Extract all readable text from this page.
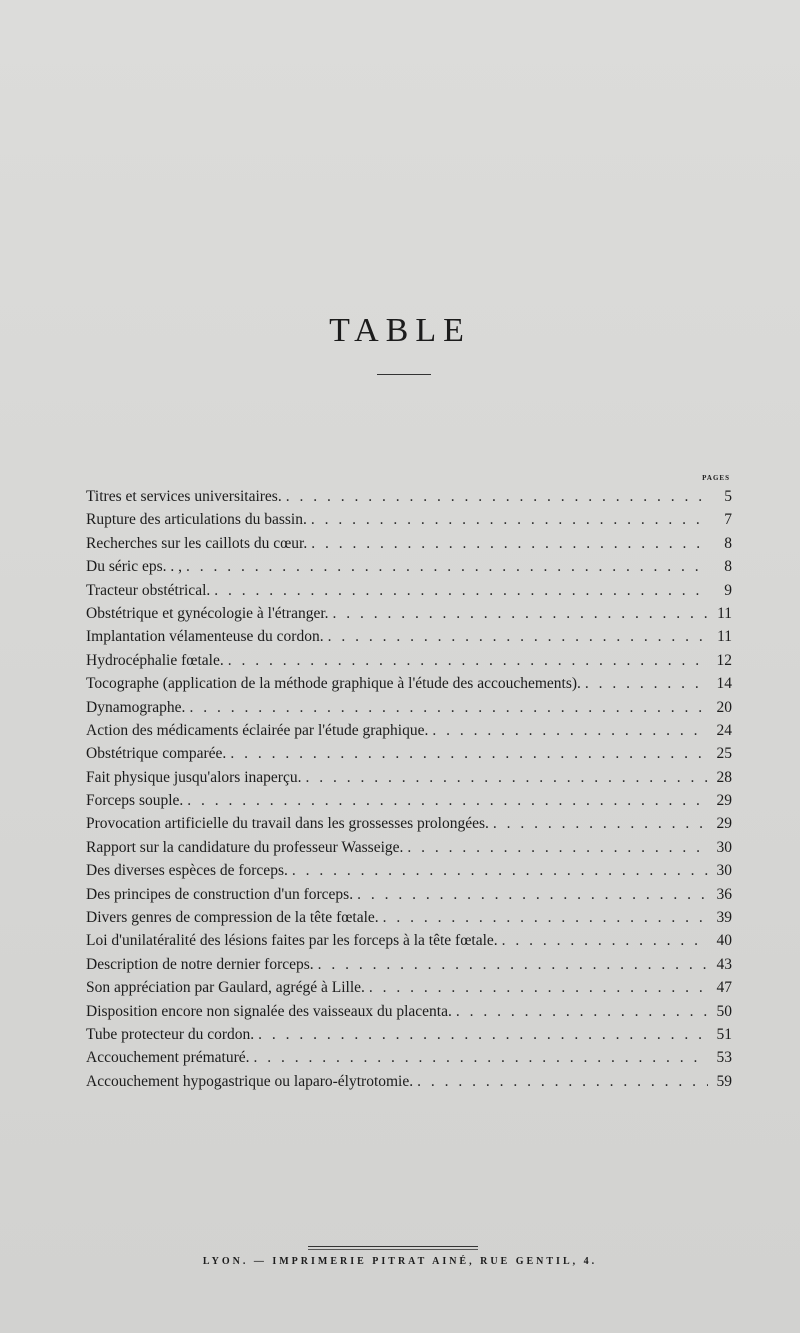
TABLE
PAGES
Titres et services universitaires. . . .	5
Rupture des articulations du bassin. . . .	7
Recherches sur les caillots du cœur. . . .	8
Du séric eps. . , . . .	8
Tracteur obstétrical. . . .	9
Obstétrique et gynécologie à l'étranger. . . .	11
Implantation vélamenteuse du cordon. . . .	11
Hydrocéphalie fœtale. . . .	12
Tocographe (application de la méthode graphique à l'étude des accouchements). . . .	14
Dynamographe. . . .	20
Action des médicaments éclairée par l'étude graphique. . . .	24
Obstétrique comparée. . . .	25
Fait physique jusqu'alors inaperçu. . . .	28
Forceps souple. . . .	29
Provocation artificielle du travail dans les grossesses prolongées. . . .	29
Rapport sur la candidature du professeur Wasseige. . . .	30
Des diverses espèces de forceps. . . .	30
Des principes de construction d'un forceps. . . .	36
Divers genres de compression de la tête fœtale. . . .	39
Loi d'unilatéralité des lésions faites par les forceps à la tête fœtale. . . .	40
Description de notre dernier forceps. . . .	43
Son appréciation par Gaulard, agrégé à Lille. . . .	47
Disposition encore non signalée des vaisseaux du placenta. . . .	50
Tube protecteur du cordon. . . .	51
Accouchement prématuré. . . .	53
Accouchement hypogastrique ou laparo-élytrotomie. . . .	59
LYON. — IMPRIMERIE PITRAT AINÉ, RUE GENTIL, 4.
